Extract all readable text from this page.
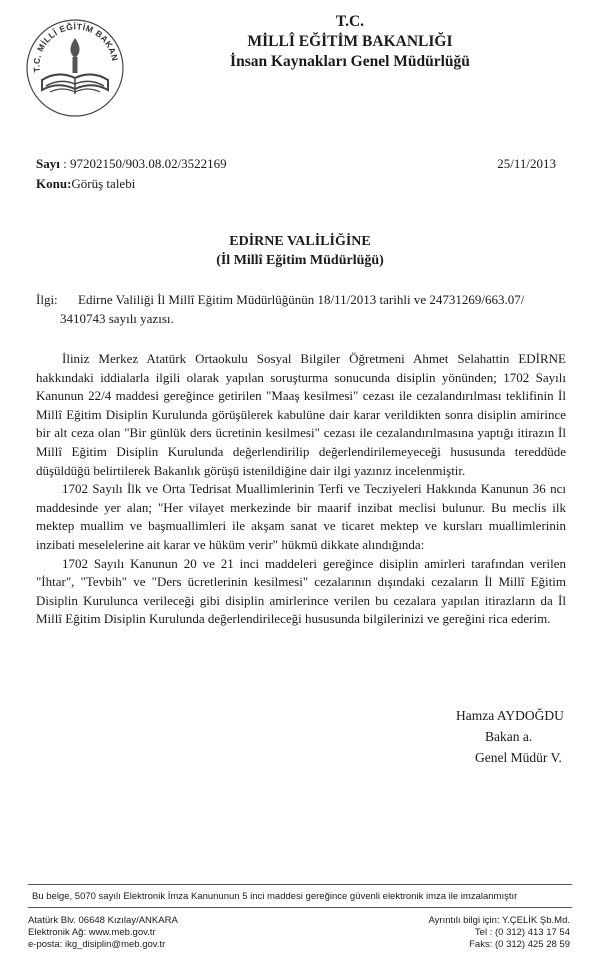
T.C. MİLLÎ EĞİTİM BAKAN
T.C.
MİLLÎ EĞİTİM BAKANLIĞI
İnsan Kaynakları Genel Müdürlüğü
Sayı : 97202150/903.08.02/3522169	25/11/2013
Konu:Görüş talebi
EDİRNE VALİLİĞİNE
(İl Millî Eğitim Müdürlüğü)
İlgi: Edirne Valiliği İl Millî Eğitim Müdürlüğünün 18/11/2013 tarihli ve 24731269/663.07/
3410743 sayılı yazısı.

İliniz Merkez Atatürk Ortaokulu Sosyal Bilgiler Öğretmeni Ahmet Selahattin EDİRNE hakkındaki iddialarla ilgili olarak yapılan soruşturma sonucunda disiplin yönünden; 1702 Sayılı Kanunun 22/4 maddesi gereğince getirilen "Maaş kesilmesi" cezası ile cezalandırılması teklifinin İl Millî Eğitim Disiplin Kurulunda görüşülerek kabulüne dair karar verildikten sonra disiplin amirince bir alt ceza olan "Bir günlük ders ücretinin kesilmesi" cezası ile cezalandırılmasına yaptığı itirazın İl Millî Eğitim Disiplin Kurulunda değerlendirilip değerlendirilemeyeceği hususunda tereddüde düşüldüğü belirtilerek Bakanlık görüşü istenildiğine dair ilgi yazınız incelenmiştir.

1702 Sayılı İlk ve Orta Tedrisat Muallimlerinin Terfi ve Tecziyeleri Hakkında Kanunun 36 ncı maddesinde yer alan; "Her vilayet merkezinde bir maarif inzibat meclisi bulunur. Bu meclis ilk mektep muallim ve başmuallimleri ile akşam sanat ve ticaret mektep ve kursları muallimlerinin inzibati meselelerine ait karar ve hüküm verir" hükmü dikkate alındığında:

1702 Sayılı Kanunun 20 ve 21 inci maddeleri gereğince disiplin amirleri tarafından verilen "İhtar", "Tevbih" ve "Ders ücretlerinin kesilmesi" cezalarının dışındaki cezaların İl Millî Eğitim Disiplin Kurulunca verileceği gibi disiplin amirlerince verilen bu cezalara yapılan itirazların da İl Millî Eğitim Disiplin Kurulunda değerlendirileceği hususunda bilgilerinizi ve gereğini rica ederim.

Hamza AYDOĞDU
Bakan a.
Genel Müdür V.
Bu belge, 5070 sayılı Elektronik İmza Kanununun 5 inci maddesi gereğince güvenli elektronik imza ile imzalanmıştır
Atatürk Blv. 06648 Kızılay/ANKARA
Elektronik Ağ: www.meb.gov.tr
e-posta: ikg_disiplin@meb.gov.tr
Ayrıntılı bilgi için: Y.ÇELİK Şb.Md.
Tel : (0 312) 413 17 54
Faks: (0 312) 425 28 59
